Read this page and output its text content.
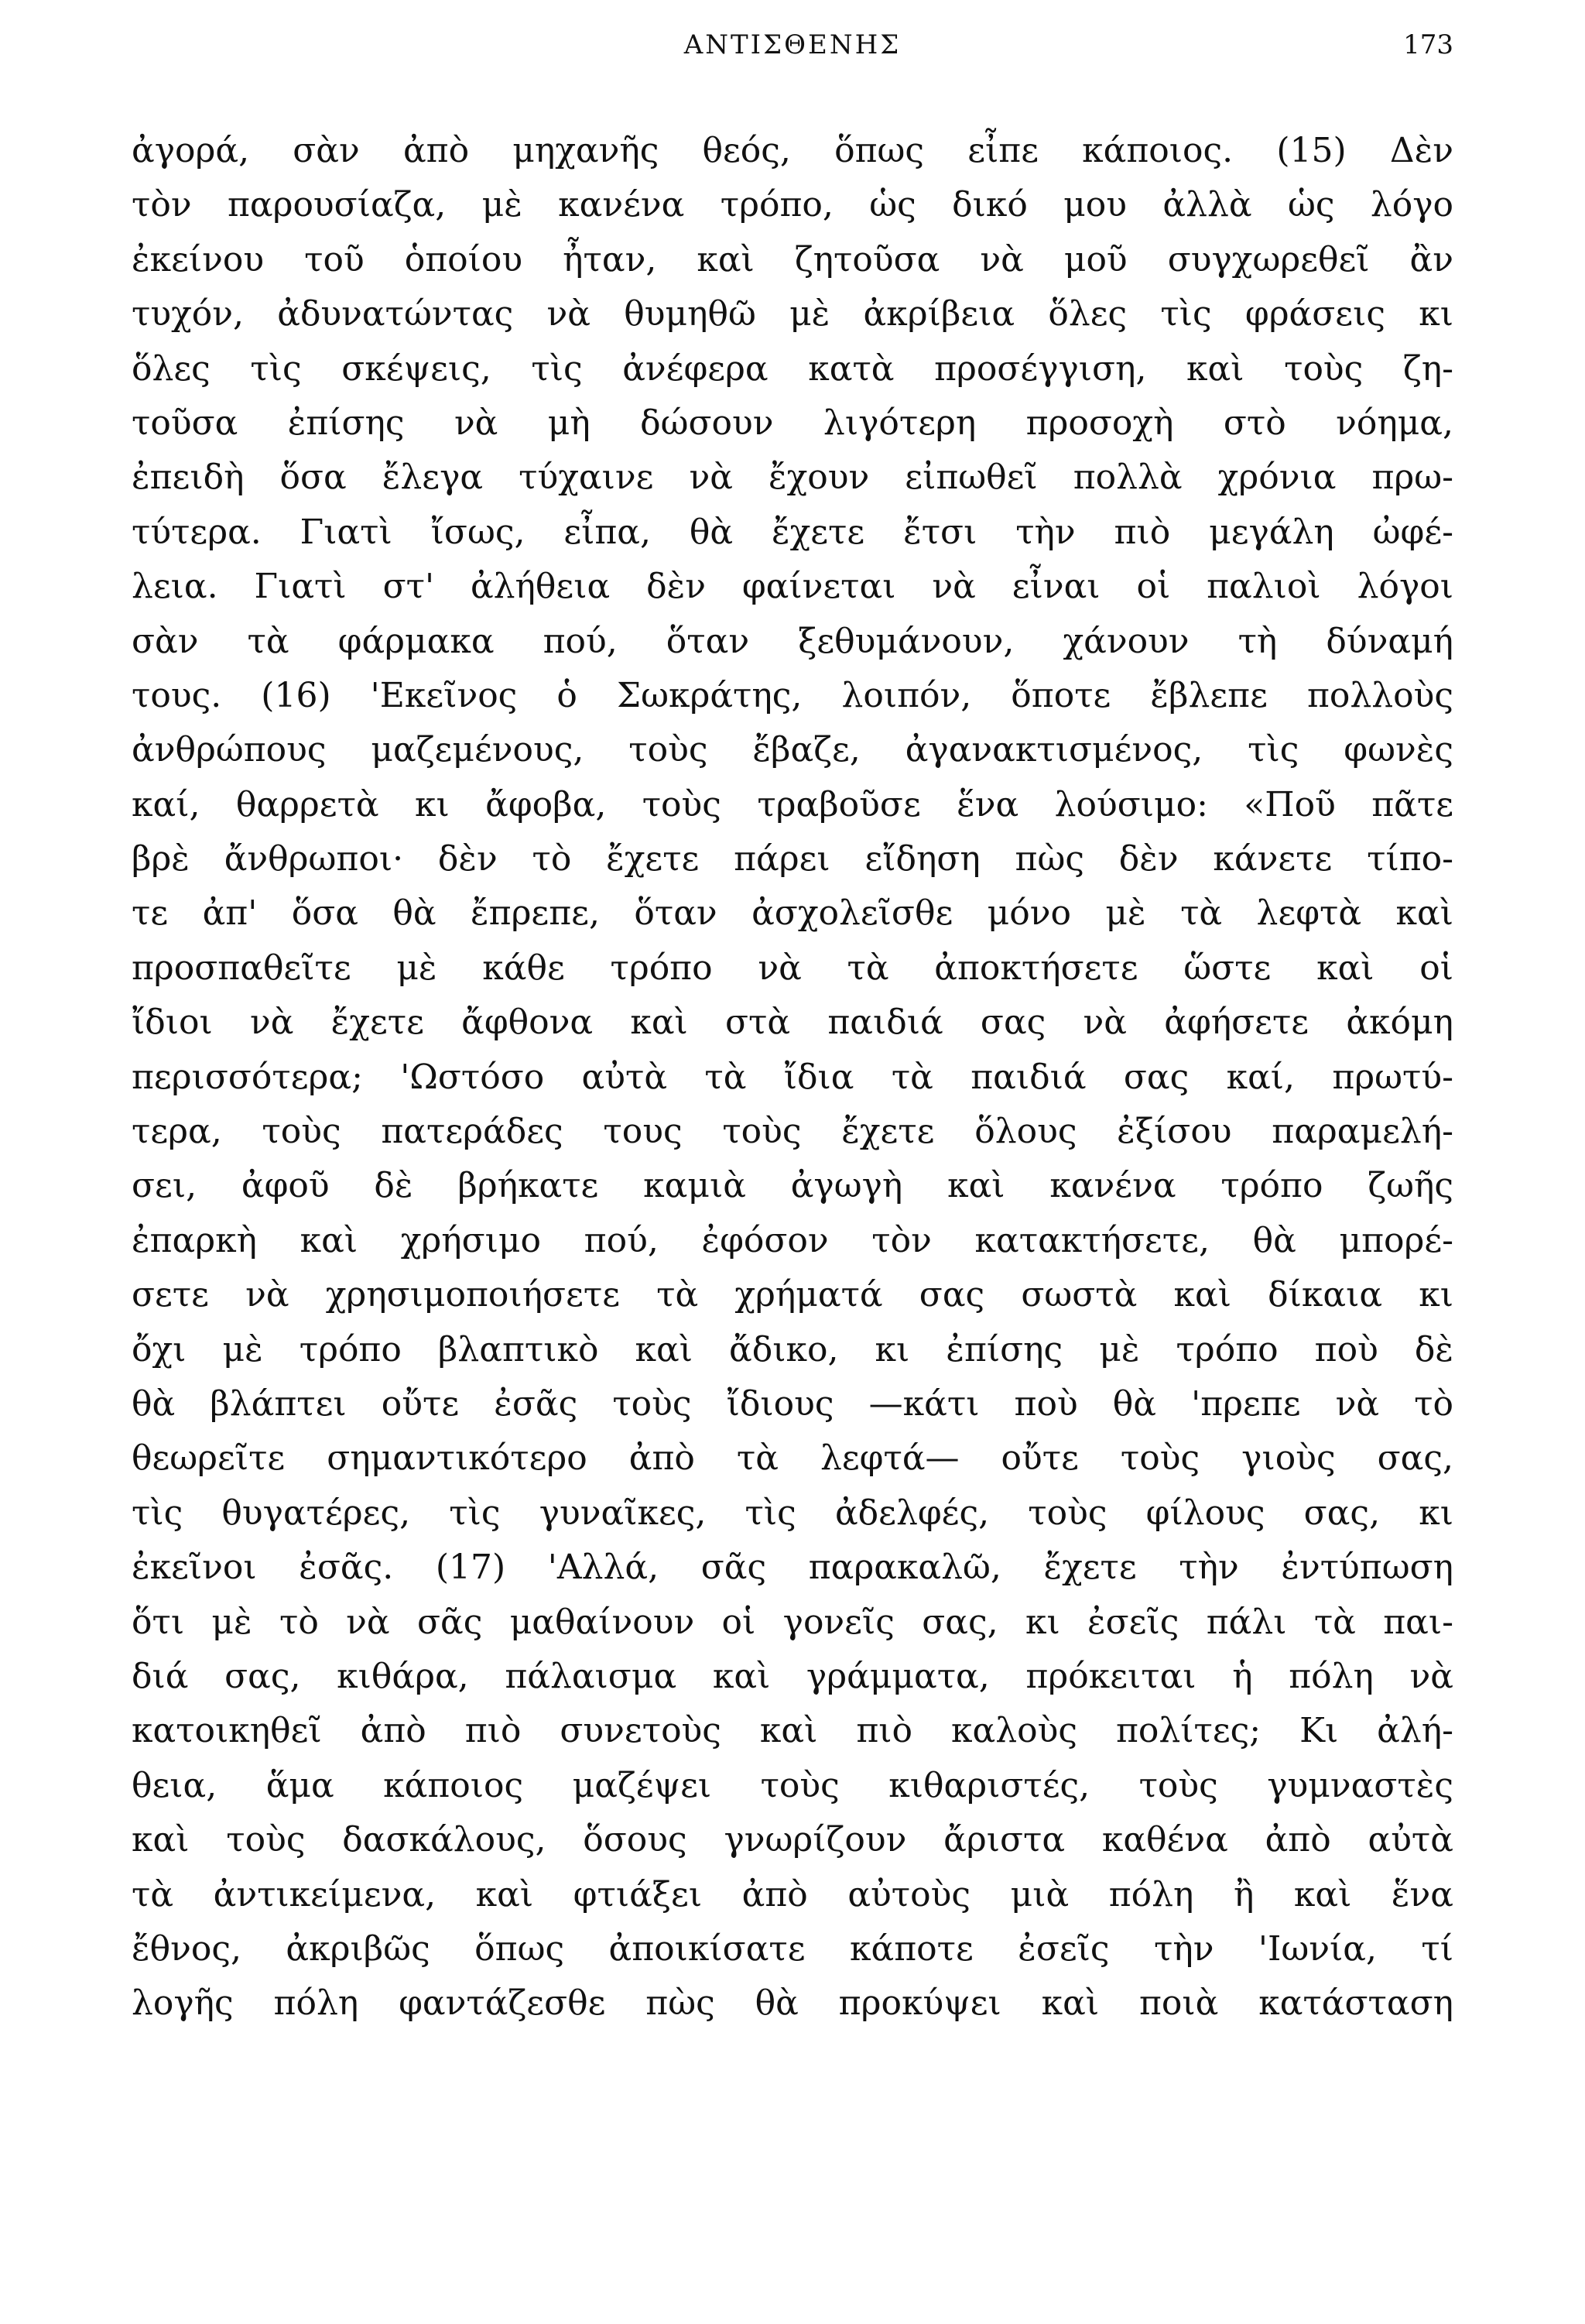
ΑΝΤΙΣΘΕΝΗΣ	173
ἀγορά, σὰν ἀπὸ μηχανῆς θεός, ὅπως εἶπε κάποιος. (15) Δὲν
τὸν παρουσίαζα, μὲ κανένα τρόπο, ὡς δικό μου ἀλλὰ ὡς λόγο
ἐκείνου τοῦ ὁποίου ἦταν, καὶ ζητοῦσα νὰ μοῦ συγχωρεθεῖ ἂν
τυχόν, ἀδυνατώντας νὰ θυμηθῶ μὲ ἀκρίβεια ὅλες τὶς φράσεις κι
ὅλες τὶς σκέψεις, τὶς ἀνέφερα κατὰ προσέγγιση, καὶ τοὺς ζη-
τοῦσα ἐπίσης νὰ μὴ δώσουν λιγότερη προσοχὴ στὸ νόημα,
ἐπειδὴ ὅσα ἔλεγα τύχαινε νὰ ἔχουν εἰπωθεῖ πολλὰ χρόνια πρω-
τύτερα. Γιατὶ ἴσως, εἶπα, θὰ ἔχετε ἔτσι τὴν πιὸ μεγάλη ὠφέ-
λεια. Γιατὶ στ' ἀλήθεια δὲν φαίνεται νὰ εἶναι οἱ παλιοὶ λόγοι
σὰν τὰ φάρμακα πού, ὅταν ξεθυμάνουν, χάνουν τὴ δύναμή
τους. (16) 'Εκεῖνος ὁ Σωκράτης, λοιπόν, ὅποτε ἔβλεπε πολλοὺς
ἀνθρώπους μαζεμένους, τοὺς ἔβαζε, ἀγανακτισμένος, τὶς φωνὲς
καί, θαρρετὰ κι ἄφοβα, τοὺς τραβοῦσε ἕνα λούσιμο: «Ποῦ πᾶτε
βρὲ ἄνθρωποι· δὲν τὸ ἔχετε πάρει εἴδηση πὼς δὲν κάνετε τίπο-
τε ἀπ' ὅσα θὰ ἔπρεπε, ὅταν ἀσχολεῖσθε μόνο μὲ τὰ λεφτὰ καὶ
προσπαθεῖτε μὲ κάθε τρόπο νὰ τὰ ἀποκτήσετε ὥστε καὶ οἱ
ἴδιοι νὰ ἔχετε ἄφθονα καὶ στὰ παιδιά σας νὰ ἀφήσετε ἀκόμη
περισσότερα; 'Ωστόσο αὐτὰ τὰ ἴδια τὰ παιδιά σας καί, πρωτύ-
τερα, τοὺς πατεράδες τους τοὺς ἔχετε ὅλους ἐξίσου παραμελή-
σει, ἀφοῦ δὲ βρήκατε καμιὰ ἀγωγὴ καὶ κανένα τρόπο ζωῆς
ἐπαρκὴ καὶ χρήσιμο πού, ἐφόσον τὸν κατακτήσετε, θὰ μπορέ-
σετε νὰ χρησιμοποιήσετε τὰ χρήματά σας σωστὰ καὶ δίκαια κι
ὄχι μὲ τρόπο βλαπτικὸ καὶ ἄδικο, κι ἐπίσης μὲ τρόπο ποὺ δὲ
θὰ βλάπτει οὔτε ἐσᾶς τοὺς ἴδιους —κάτι ποὺ θὰ 'πρεπε νὰ τὸ
θεωρεῖτε σημαντικότερο ἀπὸ τὰ λεφτά— οὔτε τοὺς γιοὺς σας,
τὶς θυγατέρες, τὶς γυναῖκες, τὶς ἀδελφές, τοὺς φίλους σας, κι
ἐκεῖνοι ἐσᾶς. (17) 'Αλλά, σᾶς παρακαλῶ, ἔχετε τὴν ἐντύπωση
ὅτι μὲ τὸ νὰ σᾶς μαθαίνουν οἱ γονεῖς σας, κι ἐσεῖς πάλι τὰ παι-
διά σας, κιθάρα, πάλαισμα καὶ γράμματα, πρόκειται ἡ πόλη νὰ
κατοικηθεῖ ἀπὸ πιὸ συνετοὺς καὶ πιὸ καλοὺς πολίτες; Κι ἀλή-
θεια, ἅμα κάποιος μαζέψει τοὺς κιθαριστές, τοὺς γυμναστὲς
καὶ τοὺς δασκάλους, ὅσους γνωρίζουν ἄριστα καθένα ἀπὸ αὐτὰ
τὰ ἀντικείμενα, καὶ φτιάξει ἀπὸ αὐτοὺς μιὰ πόλη ἢ καὶ ἕνα
ἔθνος, ἀκριβῶς ὅπως ἀποικίσατε κάποτε ἐσεῖς τὴν 'Ιωνία, τί
λογῆς πόλη φαντάζεσθε πὼς θὰ προκύψει καὶ ποιὰ κατάσταση
